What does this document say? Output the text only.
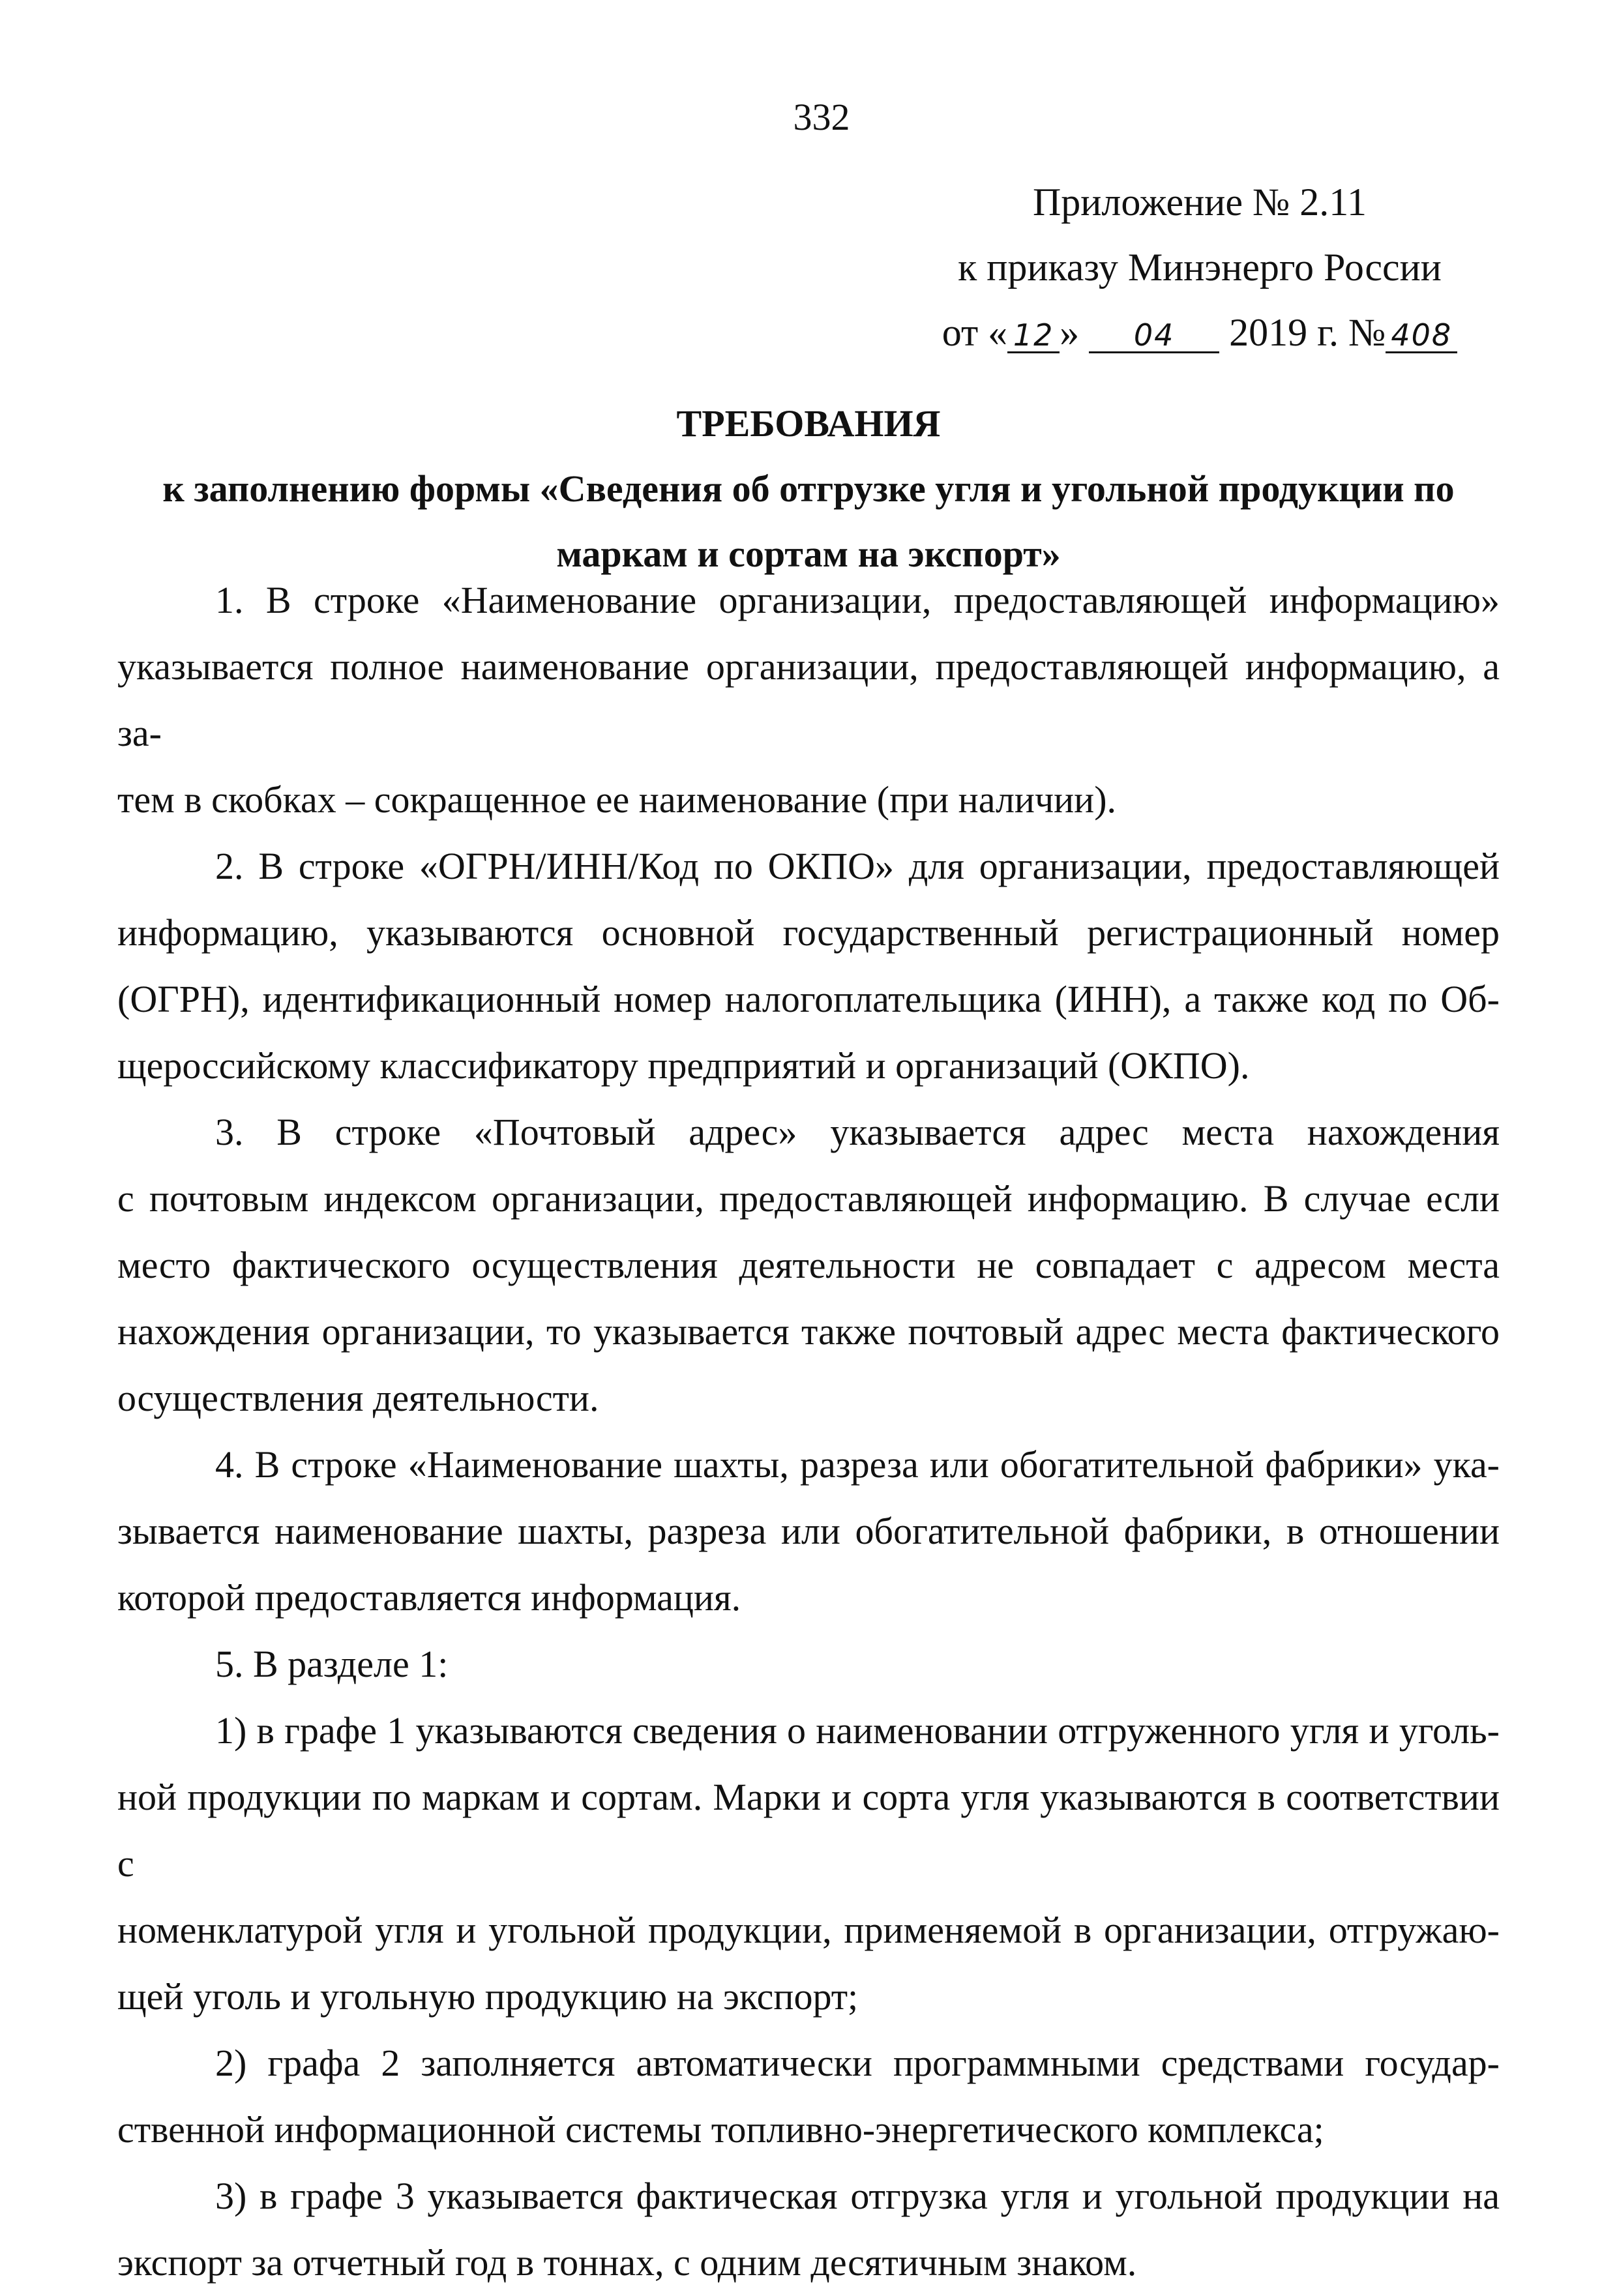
332
Приложение № 2.11
к приказу Минэнерго России
от « 12 » 04 2019 г. № 408
ТРЕБОВАНИЯ
к заполнению формы «Сведения об отгрузке угля и угольной продукции по
маркам и сортам на экспорт»
1. В строке «Наименование организации, предоставляющей информацию»
указывается полное наименование организации, предоставляющей информацию, а за-
тем в скобках – сокращенное ее наименование (при наличии).
2. В строке «ОГРН/ИНН/Код по ОКПО» для организации, предоставляющей
информацию, указываются основной государственный регистрационный номер
(ОГРН), идентификационный номер налогоплательщика (ИНН), а также код по Об-
щероссийскому классификатору предприятий и организаций (ОКПО).
3. В строке «Почтовый адрес» указывается адрес места нахождения
с почтовым индексом организации, предоставляющей информацию. В случае если
место фактического осуществления деятельности не совпадает с адресом места
нахождения организации, то указывается также почтовый адрес места фактического
осуществления деятельности.
4. В строке «Наименование шахты, разреза или обогатительной фабрики» ука-
зывается наименование шахты, разреза или обогатительной фабрики, в отношении
которой предоставляется информация.
5. В разделе 1:
1) в графе 1 указываются сведения о наименовании отгруженного угля и уголь-
ной продукции по маркам и сортам. Марки и сорта угля указываются в соответствии с
номенклатурой угля и угольной продукции, применяемой в организации, отгружаю-
щей уголь и угольную продукцию на экспорт;
2) графа 2 заполняется автоматически программными средствами государ-
ственной информационной системы топливно-энергетического комплекса;
3) в графе 3 указывается фактическая отгрузка угля и угольной продукции на
экспорт за отчетный год в тоннах, с одним десятичным знаком.
